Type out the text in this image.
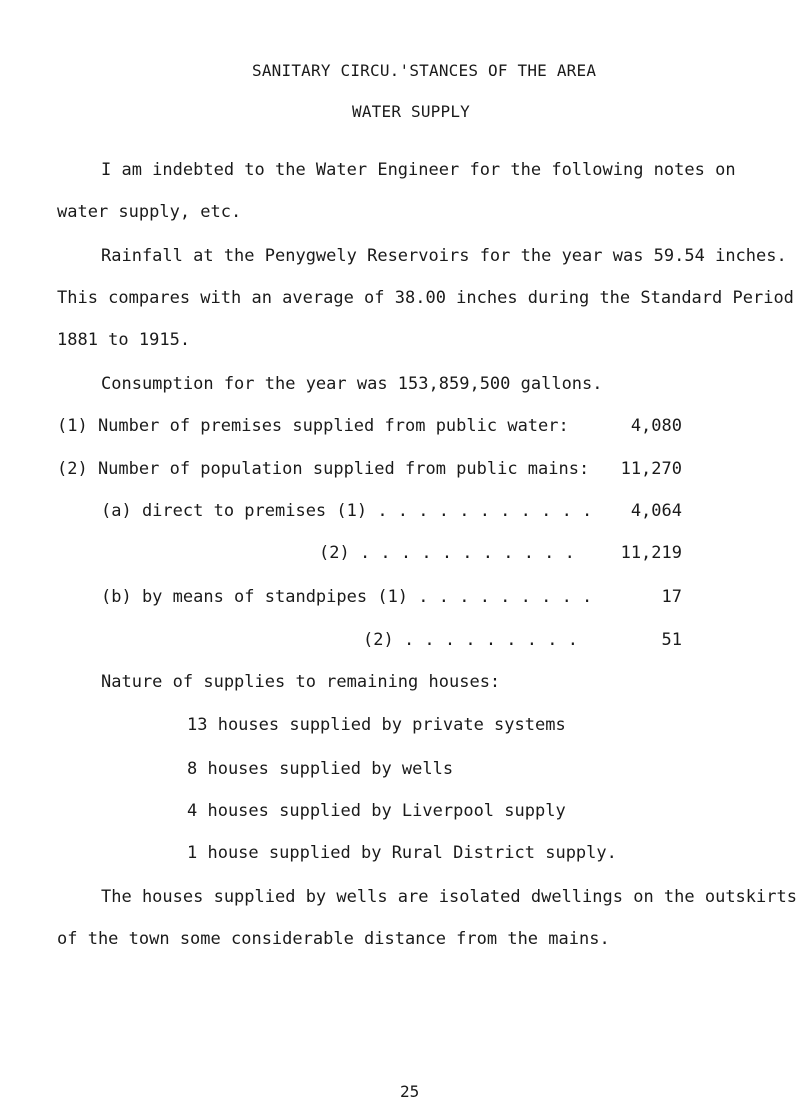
SANITARY CIRCU.'STANCES OF THE AREA
WATER SUPPLY
I am indebted to the Water Engineer for the following notes on
water supply, etc.
Rainfall at the Penygwely Reservoirs for the year was 59.54 inches.
This compares with an average of 38.00 inches during the Standard Period
1881 to 1915.
Consumption for the year was 153,859,500 gallons.
(1) Number of premises supplied from public water:	4,080
(2) Number of population supplied from public mains:	11,270
(a) direct to premises (1) . . . . . . . . . . .	4,064
(2) . . . . . . . . . . .	11,219
(b) by means of standpipes (1) . . . . . . . . .	17
(2) . . . . . . . . .	51
Nature of supplies to remaining houses:
13 houses supplied by private systems
8 houses supplied by wells
4 houses supplied by Liverpool supply
1 house supplied by Rural District supply.
The houses supplied by wells are isolated dwellings on the outskirts
of the town some considerable distance from the mains.
25
